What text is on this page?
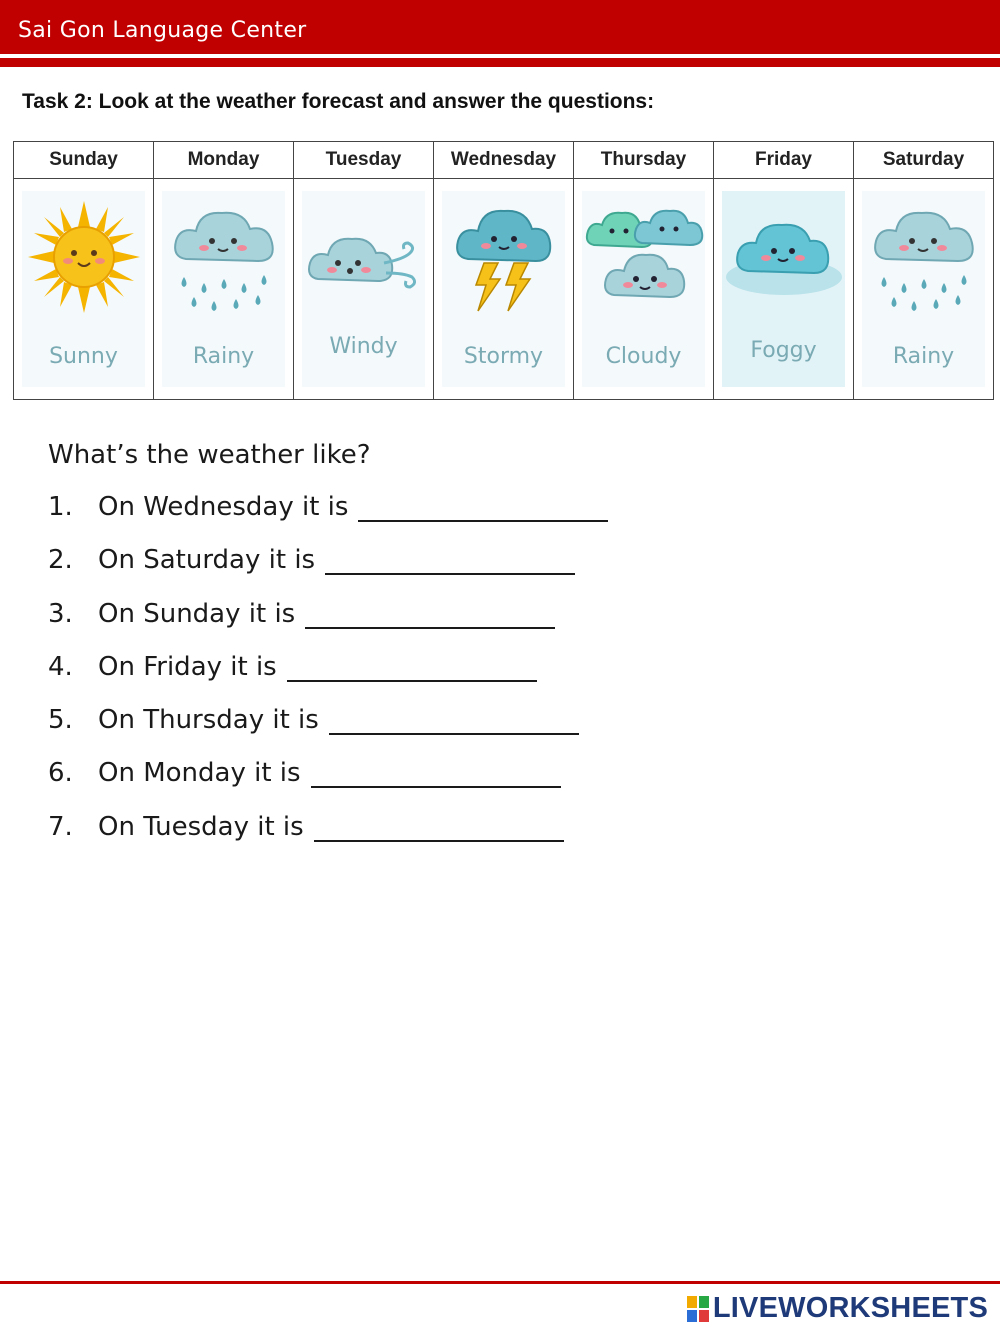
Sai Gon Language Center
Task 2: Look at the weather forecast and answer the questions:
Sunday	Monday	Tuesday	Wednesday	Thursday	Friday	Saturday

Sunny	Rainy	Windy	Stormy	Cloudy	Foggy	Rainy
What’s the weather like?
1. On Wednesday it is
2. On Saturday it is
3. On Sunday it is
4. On Friday it is
5. On Thursday it is
6. On Monday it is
7. On Tuesday it is
LIVEWORKSHEETS
